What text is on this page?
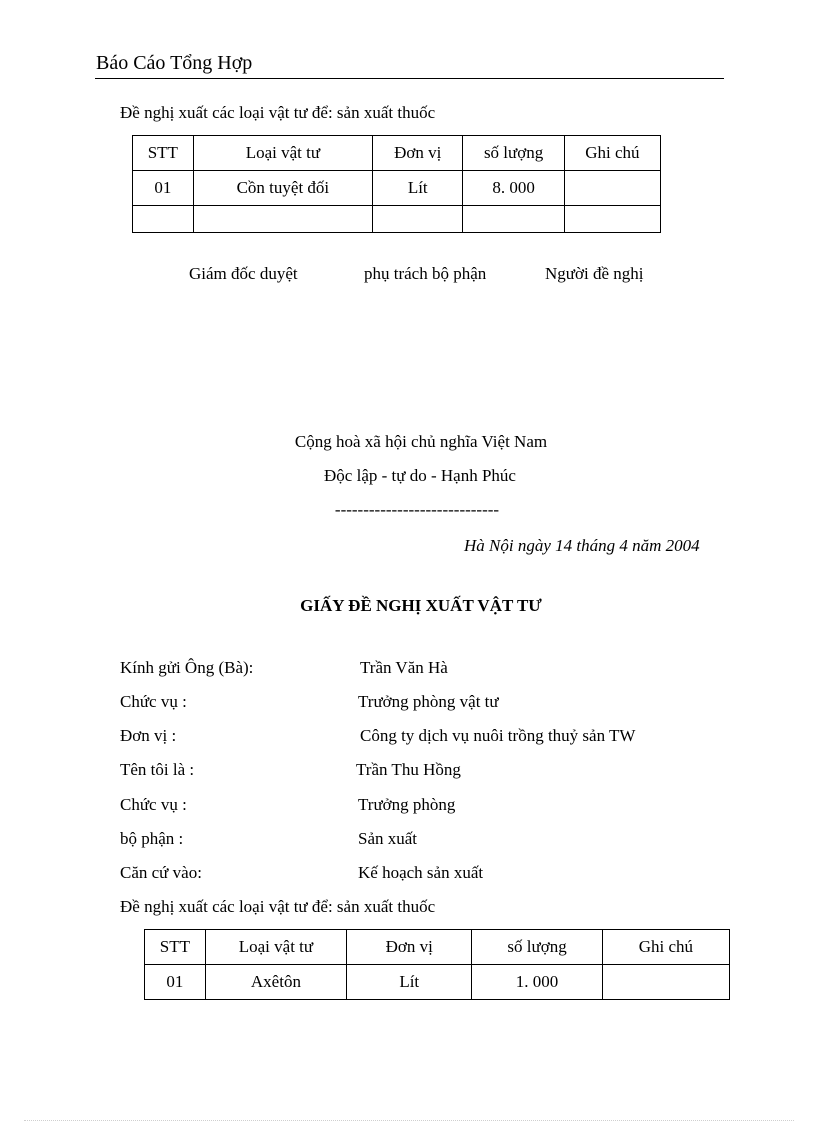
Báo Cáo Tổng Hợp
Đề nghị xuất các loại vật tư để: sản xuất thuốc
STT	Loại vật tư	Đơn vị	số lượng	Ghi chú
01	Cồn tuyệt đối	Lít	8. 000	

Giám đốc duyệt	phụ trách bộ phận	Người đề nghị
Cộng hoà xã hội chủ nghĩa Việt Nam
Độc lập - tự do - Hạnh Phúc
-----------------------------
Hà Nội ngày 14 tháng 4 năm 2004
GIẤY ĐỀ NGHỊ XUẤT VẬT TƯ
Kính gửi Ông (Bà):	Trần Văn Hà
Chức vụ :	Trưởng phòng vật tư
Đơn vị :	Công ty dịch vụ nuôi trồng thuỷ sản TW
Tên tôi là :	Trần Thu Hồng
Chức vụ :	Trưởng phòng
bộ phận :	Sản xuất
Căn cứ vào:	Kế hoạch sản xuất
Đề nghị xuất các loại vật tư để: sản xuất thuốc
STT	Loại vật tư	Đơn vị	số lượng	Ghi chú
01	Axêtôn	Lít	1. 000	
